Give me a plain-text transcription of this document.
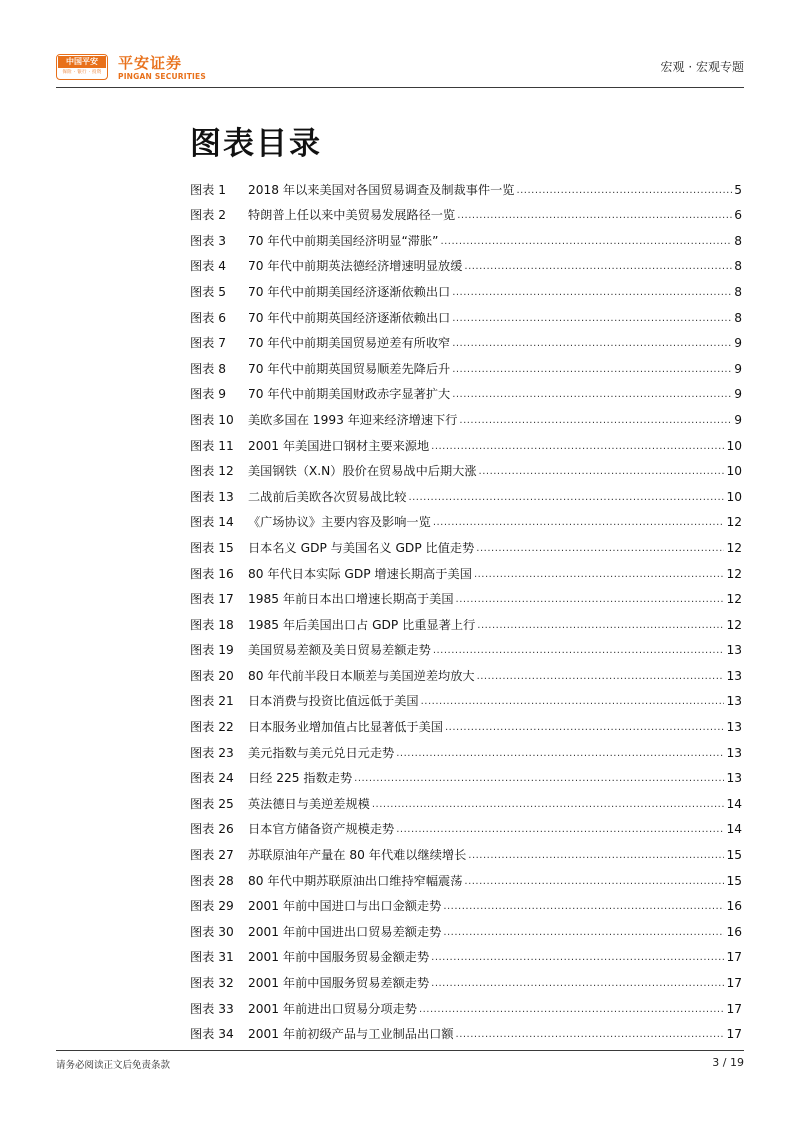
中国平安
保险 · 银行 · 投资
平安证券
PINGAN SECURITIES
宏观 · 宏观专题
图表目录
图表 1	2018 年以来美国对各国贸易调查及制裁事件一览 .....	5
图表 2	特朗普上任以来中美贸易发展路径一览 .....	6
图表 3	70 年代中前期美国经济明显“滞胀” .....	8
图表 4	70 年代中前期英法德经济增速明显放缓 .....	8
图表 5	70 年代中前期美国经济逐渐依赖出口 .....	8
图表 6	70 年代中前期英国经济逐渐依赖出口 .....	8
图表 7	70 年代中前期美国贸易逆差有所收窄 .....	9
图表 8	70 年代中前期英国贸易顺差先降后升 .....	9
图表 9	70 年代中前期美国财政赤字显著扩大 .....	9
图表 10	美欧多国在 1993 年迎来经济增速下行 .....	9
图表 11	2001 年美国进口钢材主要来源地 .....	10
图表 12	美国钢铁（X.N）股价在贸易战中后期大涨 .....	10
图表 13	二战前后美欧各次贸易战比较 .....	10
图表 14	《广场协议》主要内容及影响一览 .....	12
图表 15	日本名义 GDP 与美国名义 GDP 比值走势 .....	12
图表 16	80 年代日本实际 GDP 增速长期高于美国 .....	12
图表 17	1985 年前日本出口增速长期高于美国 .....	12
图表 18	1985 年后美国出口占 GDP 比重显著上行 .....	12
图表 19	美国贸易差额及美日贸易差额走势 .....	13
图表 20	80 年代前半段日本顺差与美国逆差均放大 .....	13
图表 21	日本消费与投资比值远低于美国 .....	13
图表 22	日本服务业增加值占比显著低于美国 .....	13
图表 23	美元指数与美元兑日元走势 .....	13
图表 24	日经 225 指数走势 .....	13
图表 25	英法德日与美逆差规模 .....	14
图表 26	日本官方储备资产规模走势 .....	14
图表 27	苏联原油年产量在 80 年代难以继续增长 .....	15
图表 28	80 年代中期苏联原油出口维持窄幅震荡 .....	15
图表 29	2001 年前中国进口与出口金额走势 .....	16
图表 30	2001 年前中国进出口贸易差额走势 .....	16
图表 31	2001 年前中国服务贸易金额走势 .....	17
图表 32	2001 年前中国服务贸易差额走势 .....	17
图表 33	2001 年前进出口贸易分项走势 .....	17
图表 34	2001 年前初级产品与工业制品出口额 .....	17
请务必阅读正文后免责条款	3 / 19
